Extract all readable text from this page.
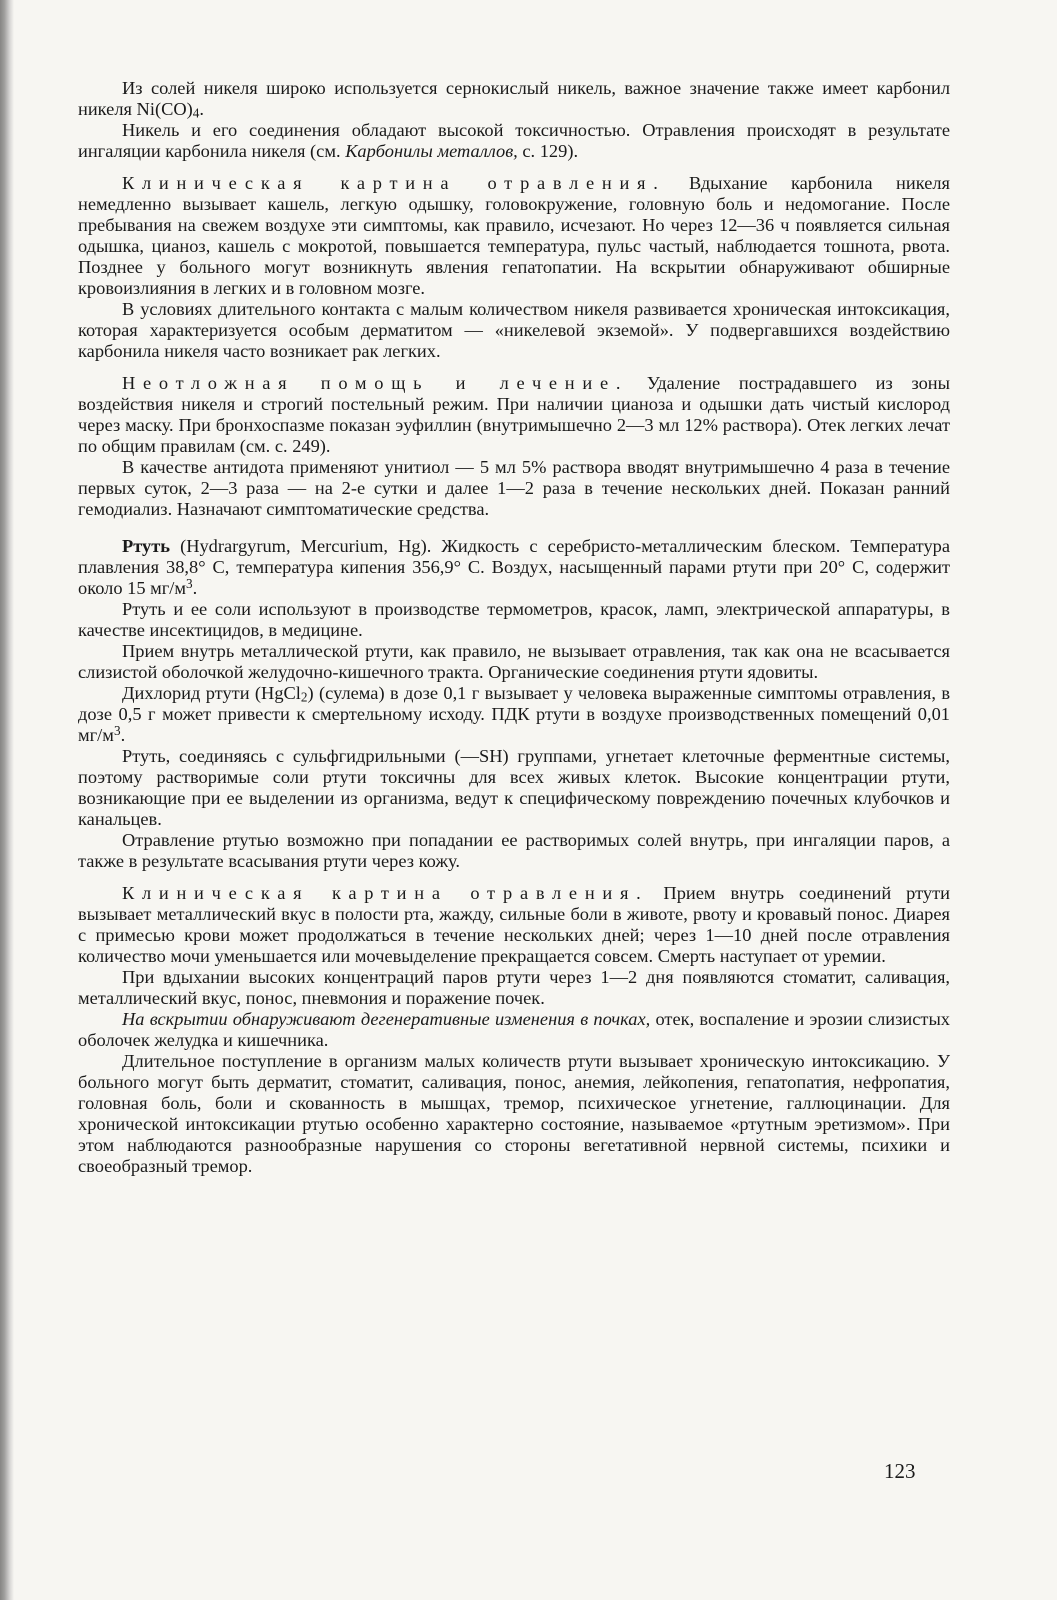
Из солей никеля широко используется сернокислый никель, важное значение также имеет карбонил никеля $Ni(CO)_4$.

Никель и его соединения обладают высокой токсичностью. Отравления происходят в результате ингаляции карбонила никеля (см. Карбонилы металлов, с. 129).

Клиническая картина отравления. Вдыхание карбонила никеля немедленно вызывает кашель, легкую одышку, головокружение, головную боль и недомогание. После пребывания на свежем воздухе эти симптомы, как правило, исчезают. Но через 12—36 ч появляется сильная одышка, цианоз, кашель с мокротой, повышается температура, пульс частый, наблюдается тошнота, рвота. Позднее у больного могут возникнуть явления гепатопатии. На вскрытии обнаруживают обширные кровоизлияния в легких и в головном мозге.

В условиях длительного контакта с малым количеством никеля развивается хроническая интоксикация, которая характеризуется особым дерматитом — «никелевой экземой». У подвергавшихся воздействию карбонила никеля часто возникает рак легких.

Неотложная помощь и лечение. Удаление пострадавшего из зоны воздействия никеля и строгий постельный режим. При наличии цианоза и одышки дать чистый кислород через маску. При бронхоспазме показан эуфиллин (внутримышечно 2—3 мл 12% раствора). Отек легких лечат по общим правилам (см. с. 249).

В качестве антидота применяют унитиол — 5 мл 5% раствора вводят внутримышечно 4 раза в течение первых суток, 2—3 раза — на 2-е сутки и далее 1—2 раза в течение нескольких дней. Показан ранний гемодиализ. Назначают симптоматические средства.

Ртуть (Hydrargyrum, Mercurium, Hg). Жидкость с серебристо-металлическим блеском. Температура плавления 38,8° С, температура кипения 356,9° С. Воздух, насыщенный парами ртути при 20° С, содержит около 15 $мг/м^3$.

Ртуть и ее соли используют в производстве термометров, красок, ламп, электрической аппаратуры, в качестве инсектицидов, в медицине.

Прием внутрь металлической ртути, как правило, не вызывает отравления, так как она не всасывается слизистой оболочкой желудочно-кишечного тракта. Органические соединения ртути ядовиты.

Дихлорид ртути (HgCl$_2$) (сулема) в дозе 0,1 г вызывает у человека выраженные симптомы отравления, в дозе 0,5 г может привести к смертельному исходу. ПДК ртути в воздухе производственных помещений 0,01 $мг/м^3$.

Ртуть, соединяясь с сульфгидрильными (—SH) группами, угнетает клеточные ферментные системы, поэтому растворимые соли ртути токсичны для всех живых клеток. Высокие концентрации ртути, возникающие при ее выделении из организма, ведут к специфическому повреждению почечных клубочков и канальцев.

Отравление ртутью возможно при попадании ее растворимых солей внутрь, при ингаляции паров, а также в результате всасывания ртути через кожу.

Клиническая картина отравления. Прием внутрь соединений ртути вызывает металлический вкус в полости рта, жажду, сильные боли в животе, рвоту и кровавый понос. Диарея с примесью крови может продолжаться в течение нескольких дней; через 1—10 дней после отравления количество мочи уменьшается или мочевыделение прекращается совсем. Смерть наступает от уремии.

При вдыхании высоких концентраций паров ртути через 1—2 дня появляются стоматит, саливация, металлический вкус, понос, пневмония и поражение почек.

На вскрытии обнаруживают дегенеративные изменения в почках, отек, воспаление и эрозии слизистых оболочек желудка и кишечника.

Длительное поступление в организм малых количеств ртути вызывает хроническую интоксикацию. У больного могут быть дерматит, стоматит, саливация, понос, анемия, лейкопения, гепатопатия, нефропатия, головная боль, боли и скованность в мышцах, тремор, психическое угнетение, галлюцинации. Для хронической интоксикации ртутью особенно характерно состояние, называемое «ртутным эретизмом». При этом наблюдаются разнообразные нарушения со стороны вегетативной нервной системы, психики и своеобразный тремор.

123
